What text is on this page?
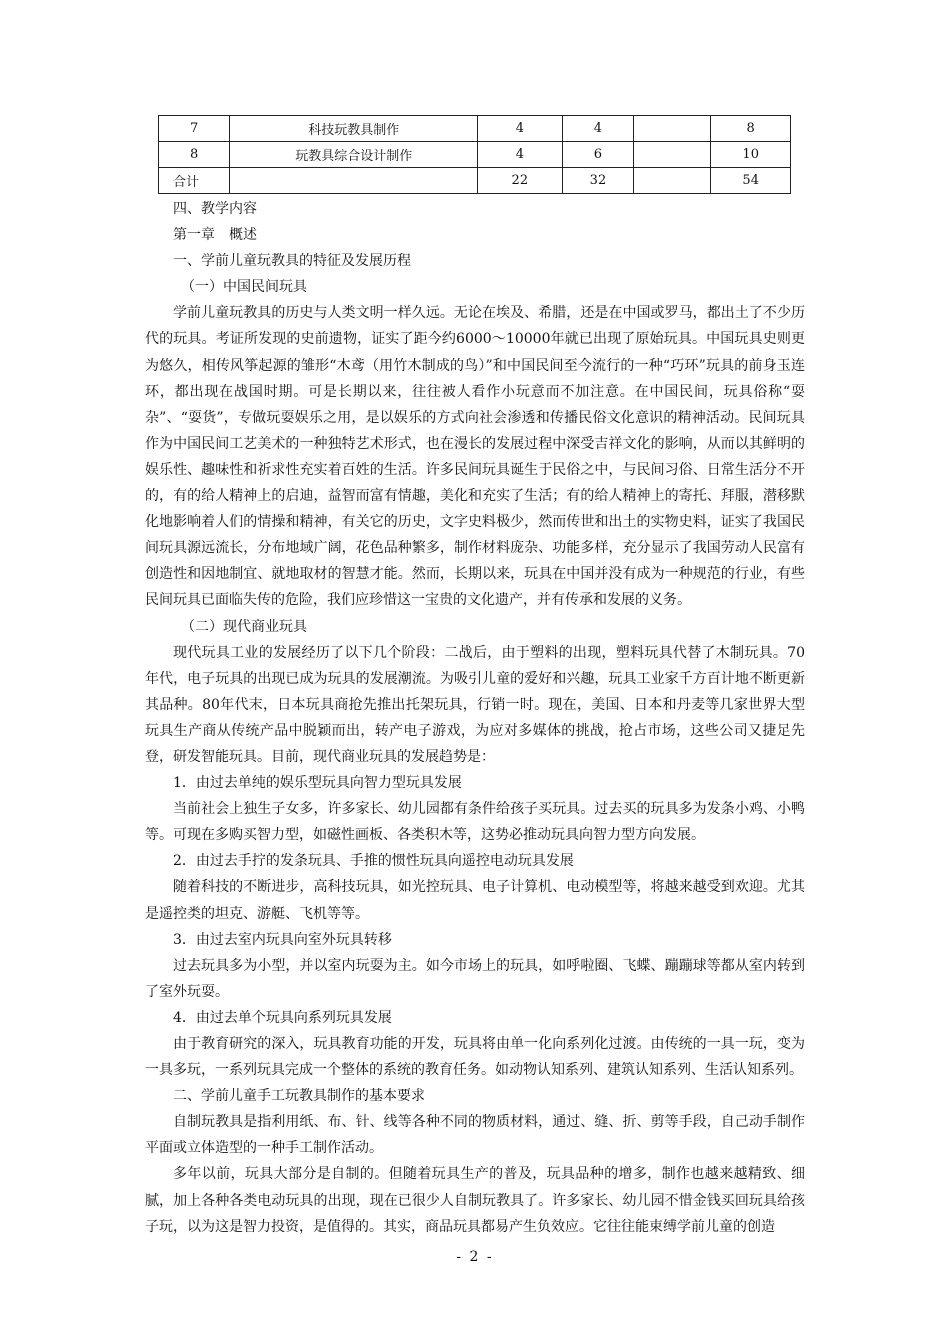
7	科技玩教具制作	4	4		8
8	玩教具综合设计制作	4	6		10
合计		22	32		54

四、教学内容

第一章　概述

一、学前儿童玩教具的特征及发展历程

（一）中国民间玩具

学前儿童玩教具的历史与人类文明一样久远。无论在埃及、希腊，还是在中国或罗马，都出土了不少历代的玩具。考证所发现的史前遗物，证实了距今约6000～10000年就已出现了原始玩具。中国玩具史则更为悠久，相传风筝起源的雏形“木鸢（用竹木制成的鸟）”和中国民间至今流行的一种“巧环”玩具的前身玉连环，都出现在战国时期。可是长期以来，往往被人看作小玩意而不加注意。在中国民间，玩具俗称“耍杂”、“耍货”，专做玩耍娱乐之用，是以娱乐的方式向社会渗透和传播民俗文化意识的精神活动。民间玩具作为中国民间工艺美术的一种独特艺术形式，也在漫长的发展过程中深受吉祥文化的影响，从而以其鲜明的娱乐性、趣味性和祈求性充实着百姓的生活。许多民间玩具诞生于民俗之中，与民间习俗、日常生活分不开的，有的给人精神上的启迪，益智而富有情趣，美化和充实了生活；有的给人精神上的寄托、拜服，潜移默化地影响着人们的情操和精神，有关它的历史，文字史料极少，然而传世和出土的实物史料，证实了我国民间玩具源远流长，分布地域广阔，花色品种繁多，制作材料庞杂、功能多样，充分显示了我国劳动人民富有创造性和因地制宜、就地取材的智慧才能。然而，长期以来，玩具在中国并没有成为一种规范的行业，有些民间玩具已面临失传的危险，我们应珍惜这一宝贵的文化遗产，并有传承和发展的义务。

（二）现代商业玩具

现代玩具工业的发展经历了以下几个阶段：二战后，由于塑料的出现，塑料玩具代替了木制玩具。70年代，电子玩具的出现已成为玩具的发展潮流。为吸引儿童的爱好和兴趣，玩具工业家千方百计地不断更新其品种。80年代末，日本玩具商抢先推出托架玩具，行销一时。现在，美国、日本和丹麦等几家世界大型玩具生产商从传统产品中脱颖而出，转产电子游戏，为应对多媒体的挑战，抢占市场，这些公司又捷足先登，研发智能玩具。目前，现代商业玩具的发展趋势是：

1．由过去单纯的娱乐型玩具向智力型玩具发展

当前社会上独生子女多，许多家长、幼儿园都有条件给孩子买玩具。过去买的玩具多为发条小鸡、小鸭等。可现在多购买智力型，如磁性画板、各类积木等，这势必推动玩具向智力型方向发展。

2．由过去手拧的发条玩具、手推的惯性玩具向遥控电动玩具发展

随着科技的不断进步，高科技玩具，如光控玩具、电子计算机、电动模型等，将越来越受到欢迎。尤其是遥控类的坦克、游艇、飞机等等。

3．由过去室内玩具向室外玩具转移

过去玩具多为小型，并以室内玩耍为主。如今市场上的玩具，如呼啦圈、飞蝶、蹦蹦球等都从室内转到了室外玩耍。

4．由过去单个玩具向系列玩具发展

由于教育研究的深入，玩具教育功能的开发，玩具将由单一化向系列化过渡。由传统的一具一玩，变为一具多玩，一系列玩具完成一个整体的系统的教育任务。如动物认知系列、建筑认知系列、生活认知系列。

二、学前儿童手工玩教具制作的基本要求

自制玩教具是指利用纸、布、针、线等各种不同的物质材料，通过、缝、折、剪等手段，自己动手制作平面或立体造型的一种手工制作活动。

多年以前，玩具大部分是自制的。但随着玩具生产的普及，玩具品种的增多，制作也越来越精致、细腻，加上各种各类电动玩具的出现，现在已很少人自制玩教具了。许多家长、幼儿园不惜金钱买回玩具给孩子玩，以为这是智力投资，是值得的。其实，商品玩具都易产生负效应。它往往能束缚学前儿童的创造

- 2 -
